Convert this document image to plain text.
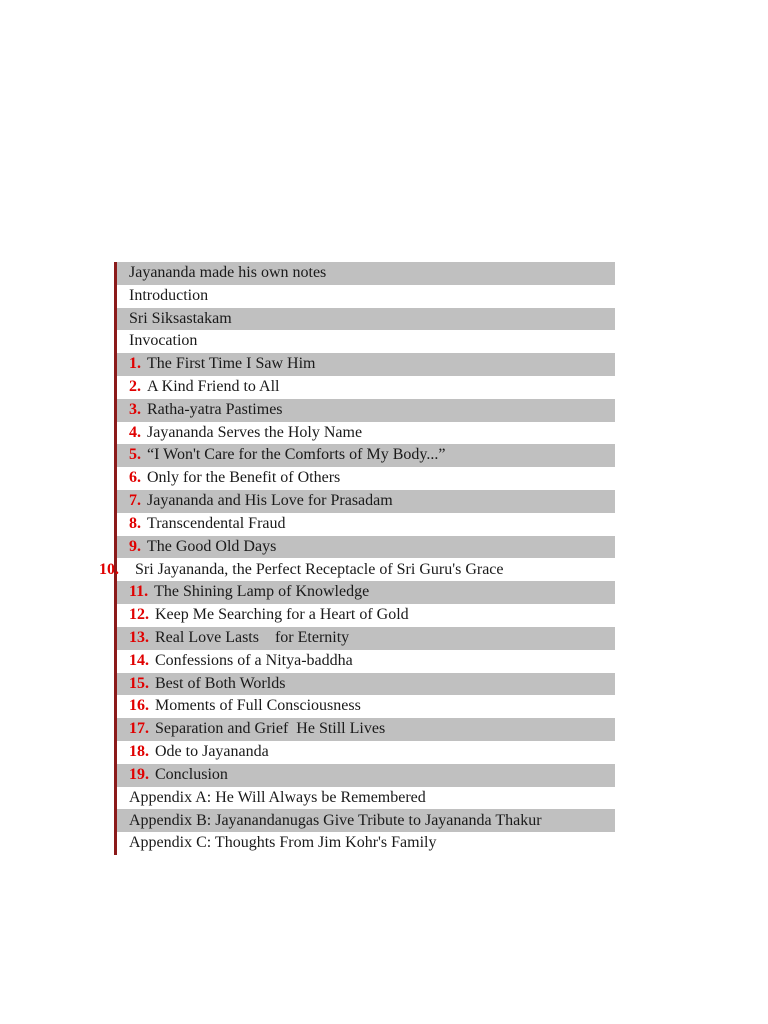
Jayananda made his own notes
Introduction
Sri Siksastakam
Invocation
1. The First Time I Saw Him
2. A Kind Friend to All
3. Ratha-yatra Pastimes
4. Jayananda Serves the Holy Name
5. “I Won't Care for the Comforts of My Body...”
6. Only for the Benefit of Others
7. Jayananda and His Love for Prasadam
8. Transcendental Fraud
9. The Good Old Days
10. Sri Jayananda, the Perfect Receptacle of Sri Guru's Grace
11. The Shining Lamp of Knowledge
12. Keep Me Searching for a Heart of Gold
13. Real Love Lasts    for Eternity
14. Confessions of a Nitya-baddha
15. Best of Both Worlds
16. Moments of Full Consciousness
17. Separation and Grief  He Still Lives
18. Ode to Jayananda
19. Conclusion
Appendix A: He Will Always be Remembered
Appendix B: Jayanandanugas Give Tribute to Jayananda Thakur
Appendix C: Thoughts From Jim Kohr's Family
